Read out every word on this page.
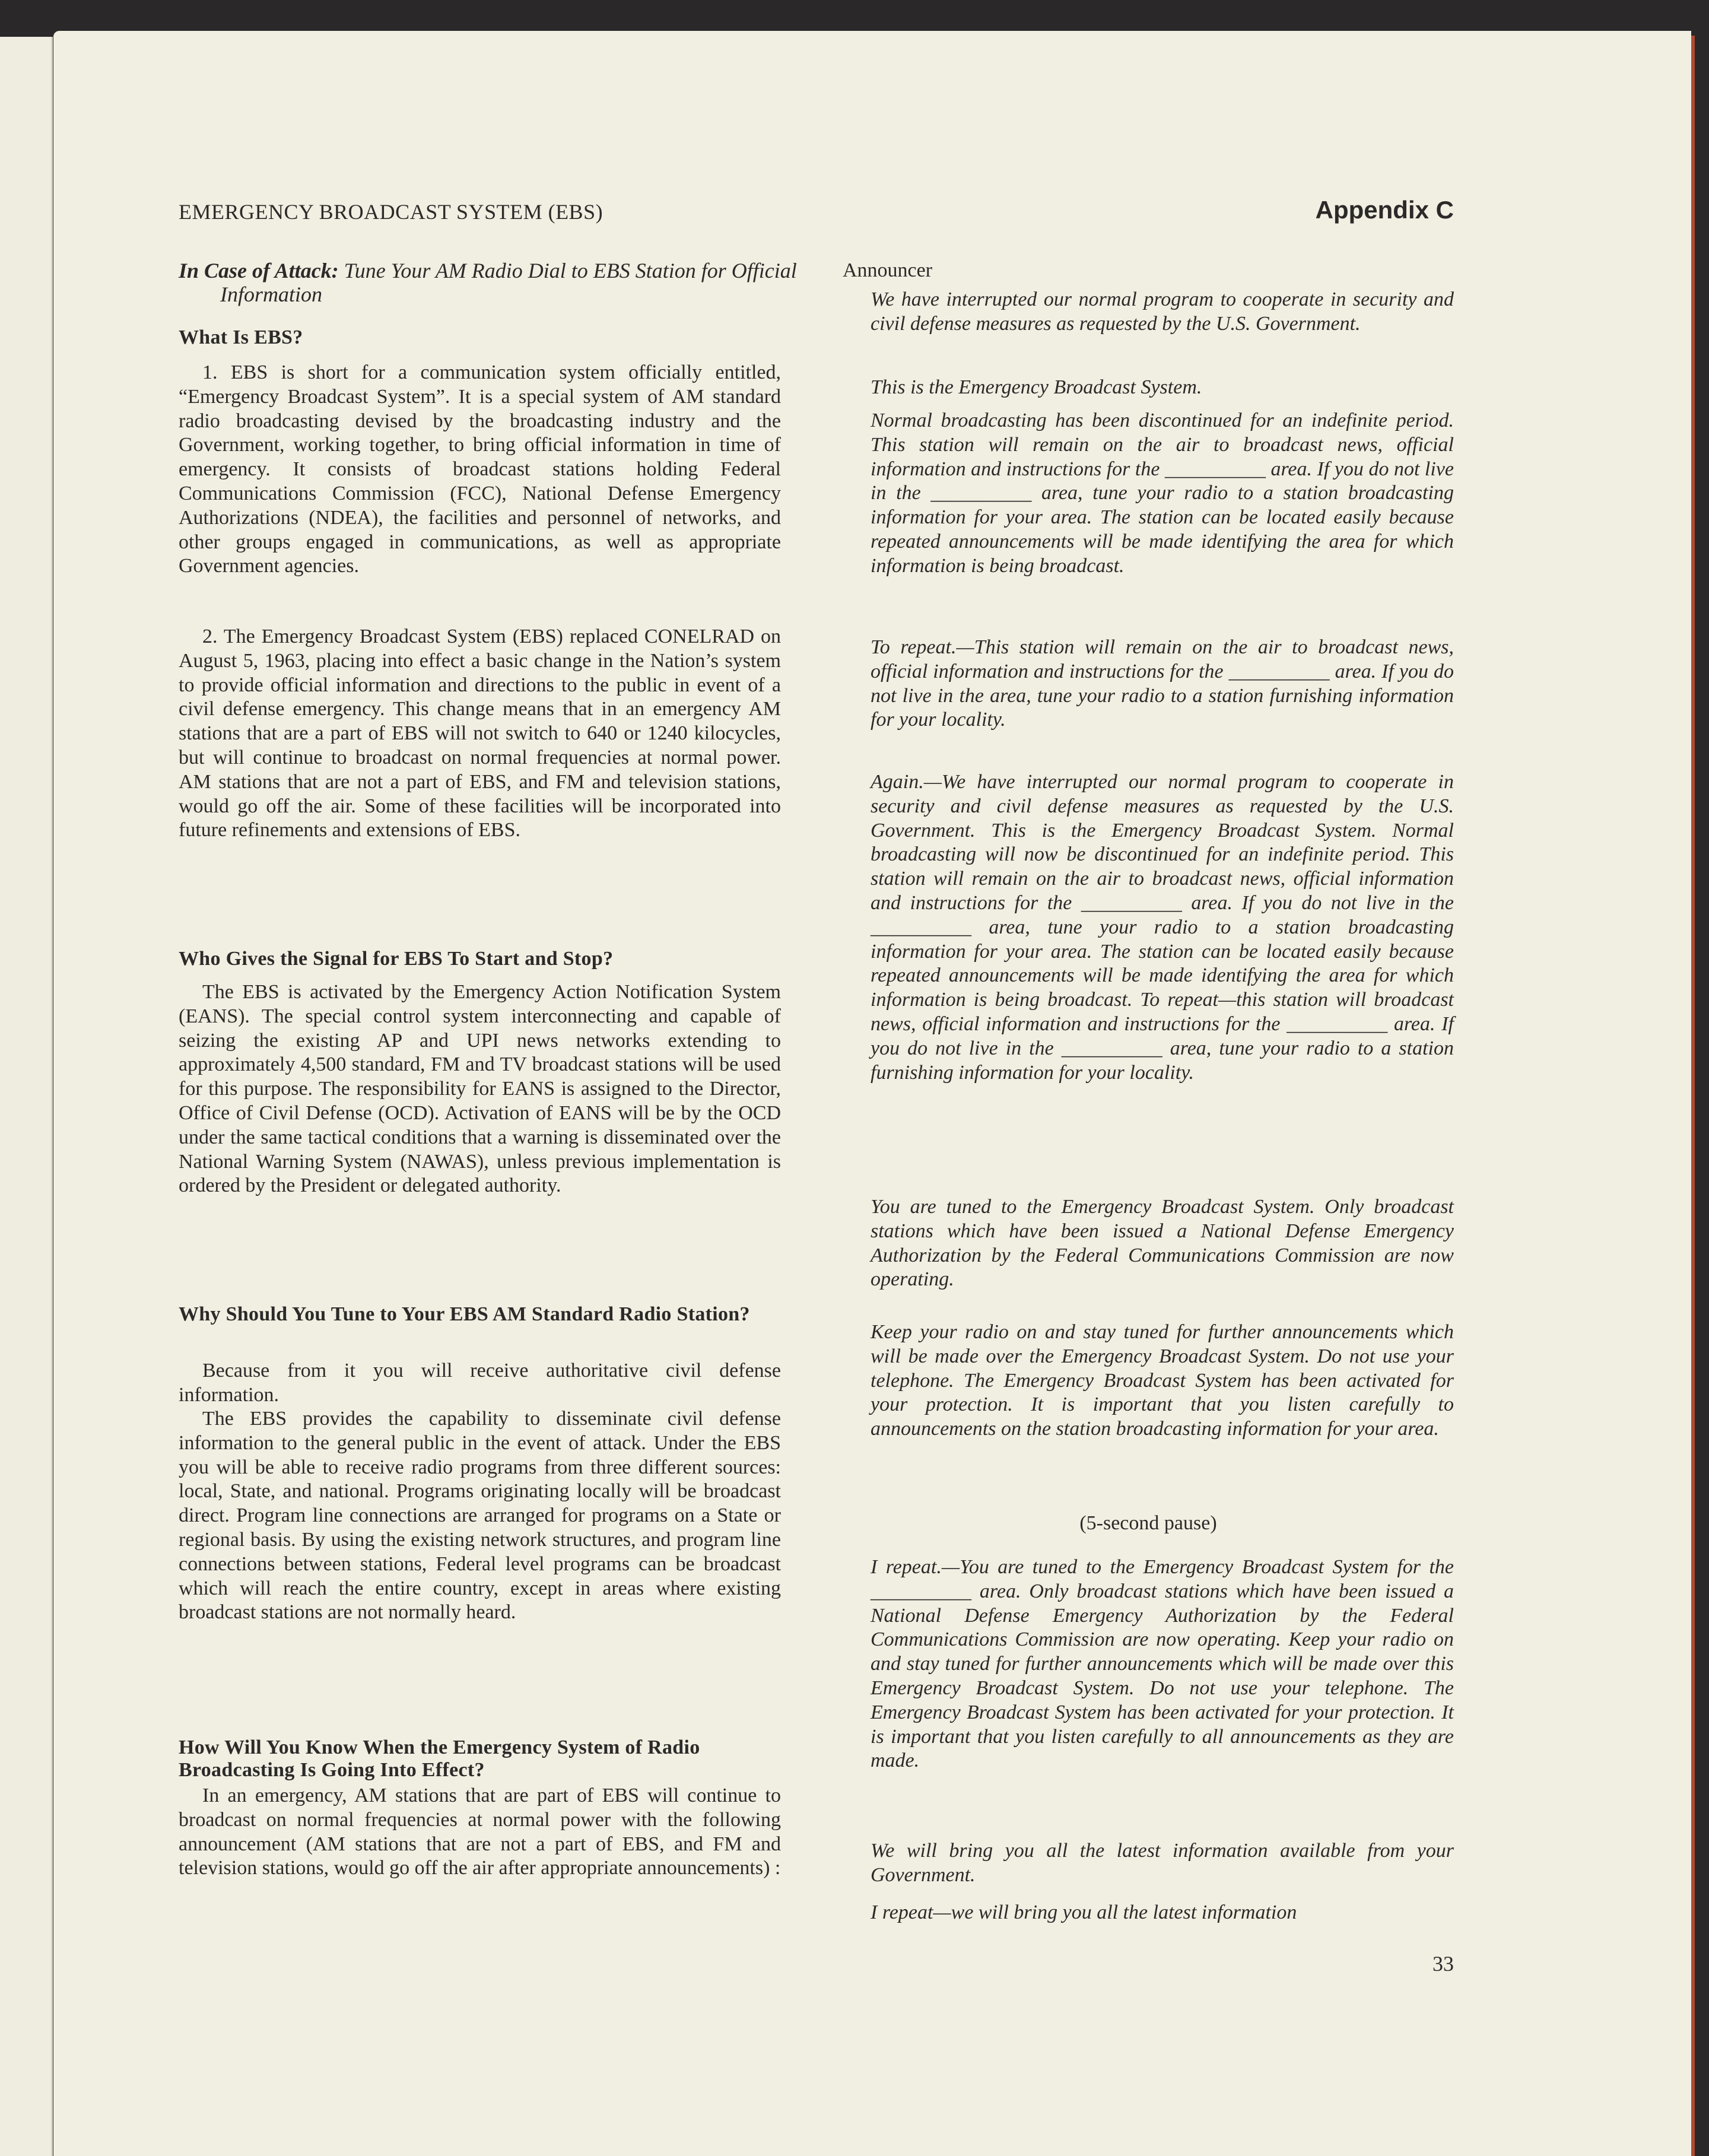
EMERGENCY BROADCAST SYSTEM (EBS)	Appendix C
In Case of Attack: Tune Your AM Radio Dial to EBS Station for Official Information
What Is EBS?

1. EBS is short for a communication system officially entitled, “Emergency Broadcast System”. It is a special system of AM standard radio broadcasting devised by the broadcasting industry and the Government, working together, to bring official information in time of emergency. It consists of broadcast stations holding Federal Communications Commission (FCC), National Defense Emergency Authorizations (NDEA), the facilities and personnel of networks, and other groups engaged in communications, as well as appropriate Government agencies.

2. The Emergency Broadcast System (EBS) replaced CONELRAD on August 5, 1963, placing into effect a basic change in the Nation’s system to provide official information and directions to the public in event of a civil defense emergency. This change means that in an emergency AM stations that are a part of EBS will not switch to 640 or 1240 kilocycles, but will continue to broadcast on normal frequencies at normal power. AM stations that are not a part of EBS, and FM and television stations, would go off the air. Some of these facilities will be incorporated into future refinements and extensions of EBS.

Who Gives the Signal for EBS To Start and Stop?

The EBS is activated by the Emergency Action Notification System (EANS). The special control system interconnecting and capable of seizing the existing AP and UPI news networks extending to approximately 4,500 standard, FM and TV broadcast stations will be used for this purpose. The responsibility for EANS is assigned to the Director, Office of Civil Defense (OCD). Activation of EANS will be by the OCD under the same tactical conditions that a warning is disseminated over the National Warning System (NAWAS), unless previous implementation is ordered by the President or delegated authority.

Why Should You Tune to Your EBS AM Standard Radio Station?

Because from it you will receive authoritative civil defense information.

The EBS provides the capability to disseminate civil defense information to the general public in the event of attack. Under the EBS you will be able to receive radio programs from three different sources: local, State, and national. Programs originating locally will be broadcast direct. Program line connections are arranged for programs on a State or regional basis. By using the existing network structures, and program line connections between stations, Federal level programs can be broadcast which will reach the entire country, except in areas where existing broadcast stations are not normally heard.

How Will You Know When the Emergency System of Radio Broadcasting Is Going Into Effect?

In an emergency, AM stations that are part of EBS will continue to broadcast on normal frequencies at normal power with the following announcement (AM stations that are not a part of EBS, and FM and television stations, would go off the air after appropriate announcements) :

Announcer

We have interrupted our normal program to cooperate in security and civil defense measures as requested by the U.S. Government.

This is the Emergency Broadcast System.

Normal broadcasting has been discontinued for an indefinite period. This station will remain on the air to broadcast news, official information and instructions for the __________ area. If you do not live in the __________ area, tune your radio to a station broadcasting information for your area. The station can be located easily because repeated announcements will be made identifying the area for which information is being broadcast.

To repeat.—This station will remain on the air to broadcast news, official information and instructions for the __________ area. If you do not live in the area, tune your radio to a station furnishing information for your locality.

Again.—We have interrupted our normal program to cooperate in security and civil defense measures as requested by the U.S. Government. This is the Emergency Broadcast System. Normal broadcasting will now be discontinued for an indefinite period. This station will remain on the air to broadcast news, official information and instructions for the __________ area. If you do not live in the __________ area, tune your radio to a station broadcasting information for your area. The station can be located easily because repeated announcements will be made identifying the area for which information is being broadcast. To repeat—this station will broadcast news, official information and instructions for the __________ area. If you do not live in the __________ area, tune your radio to a station furnishing information for your locality.

You are tuned to the Emergency Broadcast System. Only broadcast stations which have been issued a National Defense Emergency Authorization by the Federal Communications Commission are now operating.

Keep your radio on and stay tuned for further announcements which will be made over the Emergency Broadcast System. Do not use your telephone. The Emergency Broadcast System has been activated for your protection. It is important that you listen carefully to announcements on the station broadcasting information for your area.

(5-second pause)

I repeat.—You are tuned to the Emergency Broadcast System for the __________ area. Only broadcast stations which have been issued a National Defense Emergency Authorization by the Federal Communications Commission are now operating. Keep your radio on and stay tuned for further announcements which will be made over this Emergency Broadcast System. Do not use your telephone. The Emergency Broadcast System has been activated for your protection. It is important that you listen carefully to all announcements as they are made.

We will bring you all the latest information available from your Government.

I repeat—we will bring you all the latest information

33
